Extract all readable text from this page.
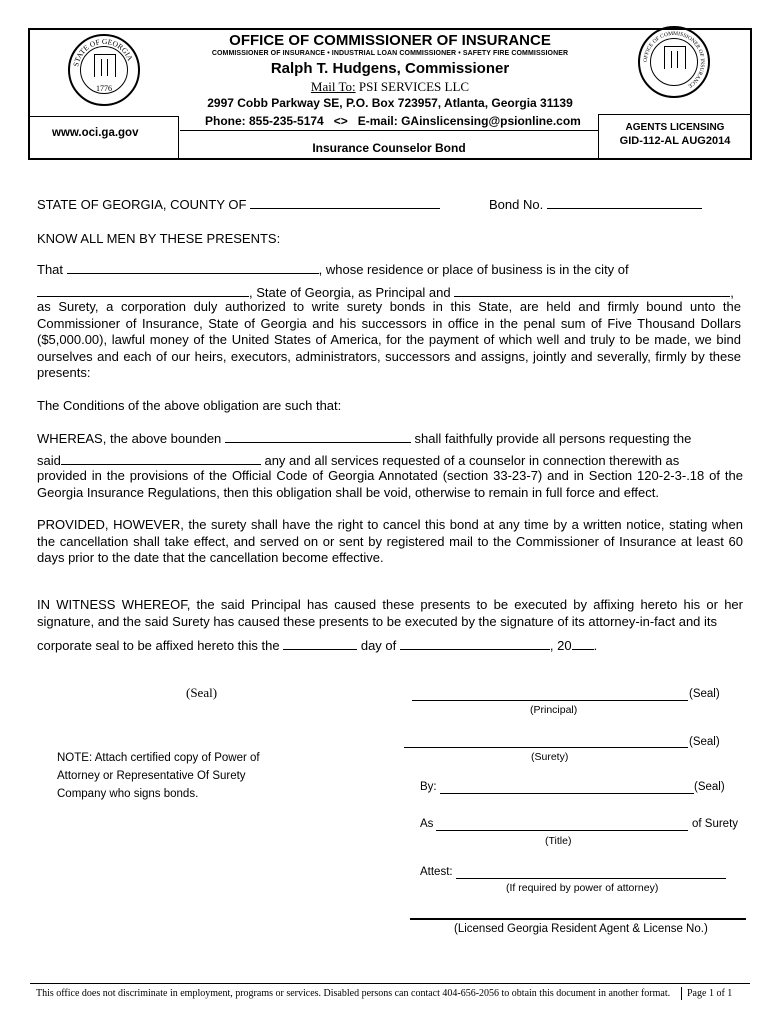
STATE OF GEORGIA
1776
OFFICE OF COMMISSIONER OF INSURANCE
OFFICE OF COMMISSIONER OF INSURANCE
COMMISSIONER OF INSURANCE • INDUSTRIAL LOAN COMMISSIONER • SAFETY FIRE COMMISSIONER
Ralph T. Hudgens, Commissioner
Mail To: PSI SERVICES LLC
2997 Cobb Parkway SE, P.O. Box 723957, Atlanta, Georgia 31139
Phone: 855-235-5174   <>   E-mail: GAinslicensing@psionline.com
www.oci.ga.gov	AGENTS LICENSING
GID-112-AL AUG2014
Insurance Counselor Bond
STATE OF GEORGIA, COUNTY OF	Bond No.
KNOW ALL MEN BY THESE PRESENTS:
That	, whose residence or place of business is in the city of
, State of Georgia, as Principal and	,
as Surety, a corporation duly authorized to write surety bonds in this State, are held and firmly bound unto the Commissioner of Insurance, State of Georgia and his successors in office in the penal sum of Five Thousand Dollars ($5,000.00), lawful money of the United States of America, for the payment of which well and truly to be made, we bind ourselves and each of our heirs, executors, administrators, successors and assigns, jointly and severally, firmly by these presents:
The Conditions of the above obligation are such that:
WHEREAS, the above bounden	shall faithfully provide all persons requesting the
said	any and all services requested of a counselor in connection therewith as
provided in the provisions of the Official Code of Georgia Annotated (section 33-23-7) and in Section 120-2-3-.18 of the Georgia Insurance Regulations, then this obligation shall be void, otherwise to remain in full force and effect.
PROVIDED, HOWEVER, the surety shall have the right to cancel this bond at any time by a written notice, stating when the cancellation shall take effect, and served on or sent by registered mail to the Commissioner of Insurance at least 60 days prior to the date that the cancellation become effective.
IN WITNESS WHEREOF, the said Principal has caused these presents to be executed by affixing hereto his or her signature, and the said Surety has caused these presents to be executed by the signature of its attorney-in-fact and its
corporate seal to be affixed hereto this the	day of	, 20 .
(Seal)	(Seal)
(Principal)
(Seal)
(Surety)
NOTE: Attach certified copy of Power of
Attorney or Representative Of Surety
Company who signs bonds.
By:	(Seal)
As	of Surety
(Title)
Attest:
(If required by power of attorney)
(Licensed Georgia Resident Agent & License No.)
This office does not discriminate in employment, programs or services. Disabled persons can contact 404-656-2056 to obtain this document in another format. Page 1 of 1
